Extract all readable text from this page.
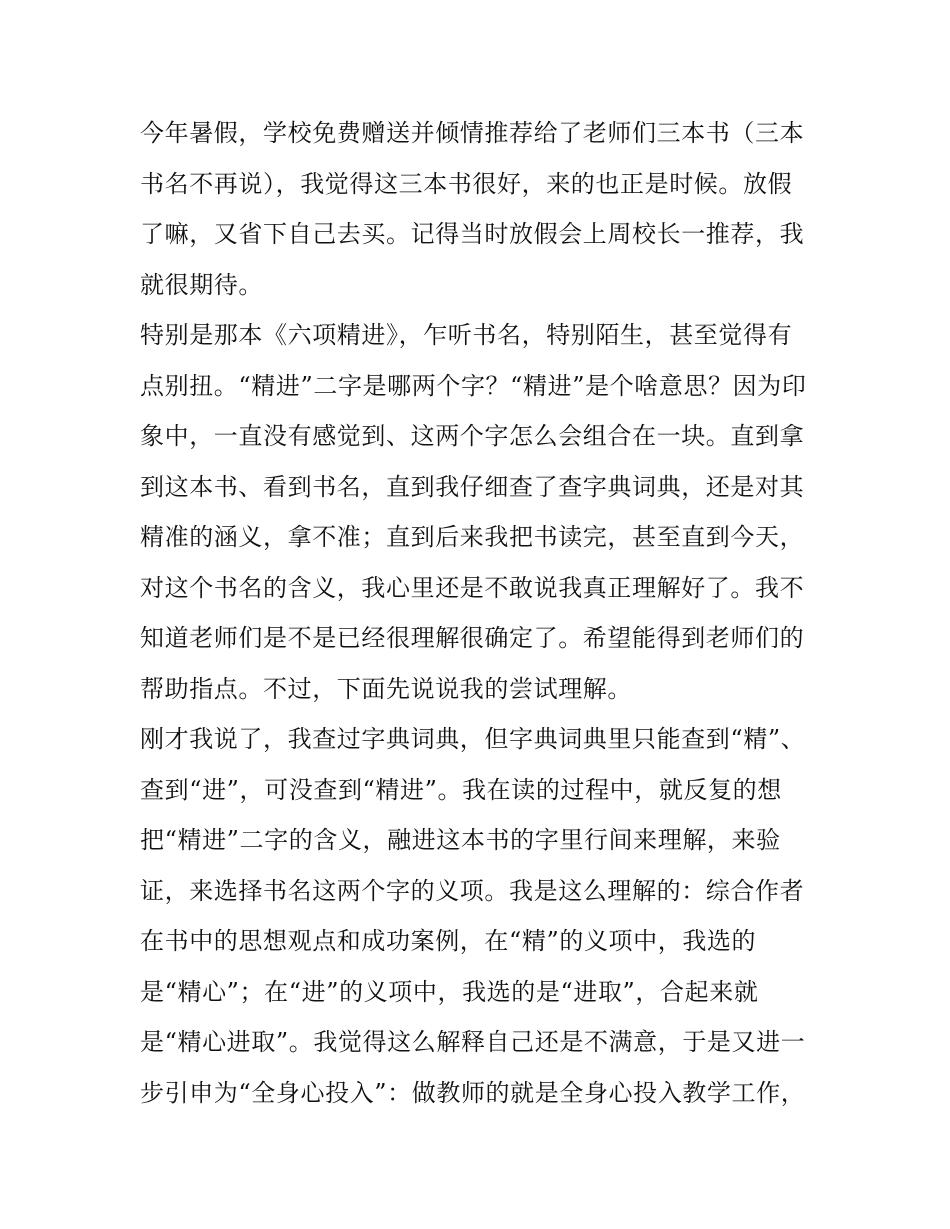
今年暑假，学校免费赠送并倾情推荐给了老师们三本书（三本
书名不再说），我觉得这三本书很好，来的也正是时候。放假
了嘛，又省下自己去买。记得当时放假会上周校长一推荐，我
就很期待。
特别是那本《六项精进》，乍听书名，特别陌生，甚至觉得有
点别扭。“精进”二字是哪两个字？“精进”是个啥意思？因为印
象中，一直没有感觉到、这两个字怎么会组合在一块。直到拿
到这本书、看到书名，直到我仔细查了查字典词典，还是对其
精准的涵义，拿不准；直到后来我把书读完，甚至直到今天，
对这个书名的含义，我心里还是不敢说我真正理解好了。我不
知道老师们是不是已经很理解很确定了。希望能得到老师们的
帮助指点。不过，下面先说说我的尝试理解。
刚才我说了，我查过字典词典，但字典词典里只能查到“精”、
查到“进”，可没查到“精进”。我在读的过程中，就反复的想
把“精进”二字的含义，融进这本书的字里行间来理解，来验
证，来选择书名这两个字的义项。我是这么理解的：综合作者
在书中的思想观点和成功案例，在“精”的义项中，我选的
是“精心”；在“进”的义项中，我选的是“进取”，合起来就
是“精心进取”。我觉得这么解释自己还是不满意，于是又进一
步引申为“全身心投入”：做教师的就是全身心投入教学工作，
